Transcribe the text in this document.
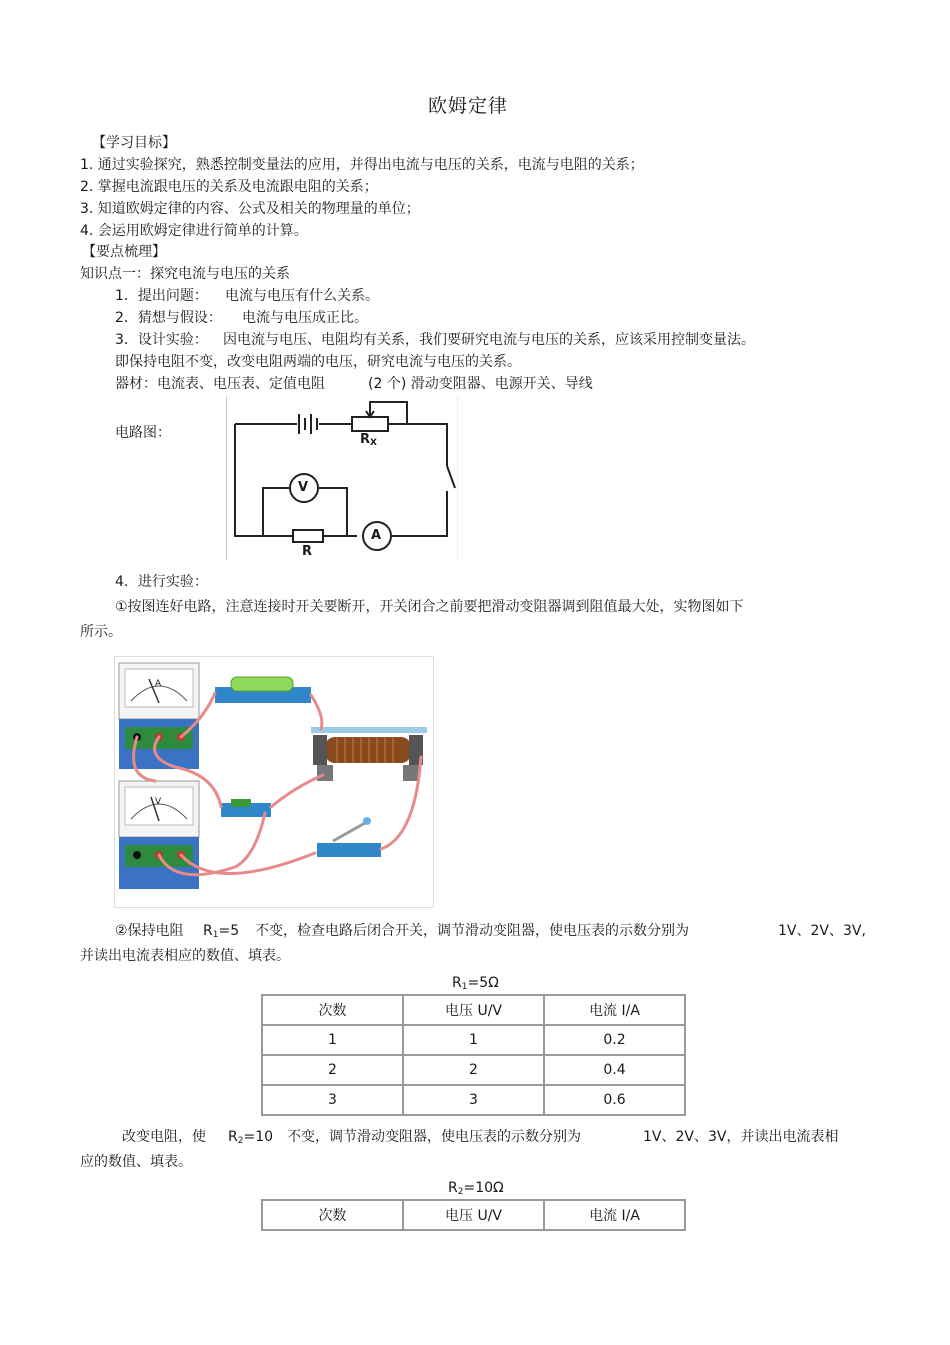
欧姆定律
【学习目标】
1. 通过实验探究，熟悉控制变量法的应用，并得出电流与电压的关系，电流与电阻的关系；
2. 掌握电流跟电压的关系及电流跟电阻的关系；
3. 知道欧姆定律的内容、公式及相关的物理量的单位；
4. 会运用欧姆定律进行简单的计算。
【要点梳理】
知识点一：探究电流与电压的关系
1．提出问题： 电流与电压有什么关系。
2．猜想与假设： 电流与电压成正比。
3．设计实验： 因电流与电压、电阻均有关系，我们要研究电流与电压的关系，应该采用控制变量法。
即保持电阻不变，改变电阻两端的电压，研究电流与电压的关系。
器材：电流表、电压表、定值电阻	(2 个) 滑动变阻器、电源开关、导线
电路图：	RX
R
V
A
4．进行实验：
①按图连好电路，注意连接时开关要断开，开关闭合之前要把滑动变阻器调到阻值最大处，实物图如下
所示。
A
V
②保持电阻 R1=5 不变，检查电路后闭合开关，调节滑动变阻器，使电压表的示数分别为	1V、2V、3V,
并读出电流表相应的数值、填表。
R1=5Ω
次数	电压 U/V	电流 I/A
1	1	0.2
2	2	0.4
3	3	0.6
改变电阻，使 R2=10 不变，调节滑动变阻器，使电压表的示数分别为	1V、2V、3V，并读出电流表相
应的数值、填表。
R2=10Ω
次数	电压 U/V	电流 I/A
